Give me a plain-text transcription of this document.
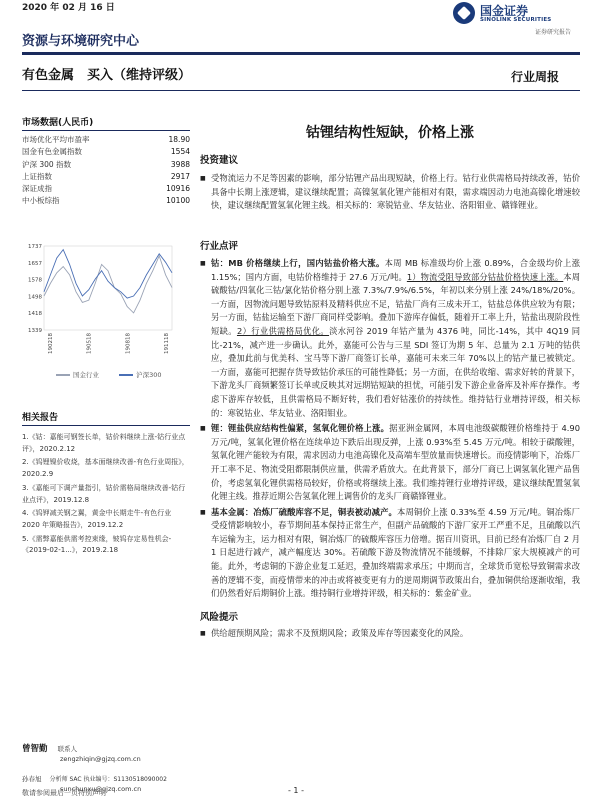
2020 年 02 月 16 日
资源与环境研究中心
国金证券
SINOLINK SECURITIES
证券研究报告
有色金属　买入（维持评级）	行业周报
市场数据(人民币)
市场优化平均市盈率	18.90
国金有色金属指数	1554
沪深 300 指数	3988
上证指数	2917
深证成指	10916
中小板综指	10100
1737
1657
1578
1498
1418
1339
190218	190518	190818	191118
国金行业	沪深300
相关报告

1.《钴：嘉能可钢签长单，钴价料继续上涨-钴行业点评》，2020.2.12

2.《钨锂镍价收烧，基本面继续改善-有色行业周报》，2020.2.9

3.《嘉能可下调产量指引，钴价需格局继续改善-钴行业点评》，2019.12.8

4.《钨钾减关钢之翼，黄金中长期走牛-有色行业 2020 年策略报告》，2019.12.2

5.《需弊嘉能供需考控束缘，铍钨存定易性机会-《2019-02-1...》，2019.2.18

曾智勤 联系人
zengzhiqin@gjzq.com.cn
孙春旭 分析师 SAC 执业编号：S1130518090002
sunchunxu@gjzq.com.cn
钴锂结构性短缺，价格上涨
投资建议
■ 受物流运力不足等因素的影响，部分钴锂产品出现短缺，价格上行。钴行业供需格局持续改善，钴价具备中长期上涨逻辑，建议继续配置；高镍氢氧化锂产能相对有限，需求端因动力电池高镍化增速较快，建议继续配置氢氧化锂主线。相关标的：寒锐钴业、华友钴业、洛阳钼业、赣锋锂业。
行业点评
■ 钴：MB 价格继续上行，国内钴盐价格大涨。本周 MB 标准级均价上涨 0.89%，合金级均价上涨 1.15%；国内方面，电钴价格维持于 27.6 万元/吨。1）物流受阻导致部分钴盐价格快速上涨。本周硫酸钴/四氧化三钴/氯化钴价格分别上涨 7.3%/7.9%/6.5%，年初以来分别上涨 24%/18%/20%。一方面，因物流问题导致钴原料及精料供应不足，钴盐厂尚有三成未开工，钴盐总体供应较为有限；另一方面，钴盐运输至下游厂商同样受影响。叠加下游库存偏低，随着开工率上升，钴盐出现阶段性短缺。2）行业供需格局优化。淡水河谷 2019 年钴产量为 4376 吨，同比-14%，其中 4Q19 同比-21%，减产进一步确认。此外，嘉能可公告与三星 SDI 签订为期 5 年、总量为 2.1 万吨的钴供应，叠加此前与优美科、宝马等下游厂商签订长单，嘉能可未来三年 70%以上的钴产量已被锁定。一方面，嘉能可把握存货导致钴价承压的可能性降低；另一方面，在供给收缩、需求好转的背景下，下游龙头厂商频繁签订长单或反映其对远期钴短缺的担忧，可能引发下游企业备库及补库存操作。考虑下游库存较低，且供需格局不断好转，我们看好钴涨价的持续性。维持钴行业增持评级，相关标的：寒锐钴业、华友钴业、洛阳钼业。
■ 锂：锂盐供应结构性偏紧，氢氧化锂价格上涨。据亚洲金属网，本周电池级碳酸锂价格维持于 4.90 万元/吨，氢氧化锂价格在连续单边下跌后出现反弹，上涨 0.93%至 5.45 万元/吨。相较于碳酸锂，氢氧化锂产能较为有限，需求因动力电池高镍化及高端车型放量而快速增长。而疫情影响下，冶炼厂开工率不足、物流受阻都限制供应量，供需矛盾放大。在此背景下，部分厂商已上调氢氧化锂产品售价，考虑氢氧化锂供需格局较好，价格或将继续上涨。我们维持锂行业增持评级，建议继续配置氢氧化锂主线。推荐近期公告氢氧化锂上调售价的龙头厂商赣锋锂业。
■ 基本金属：冶炼厂硫酸库容不足，铜表被动减产。本周铜价上涨 0.33%至 4.59 万元/吨。铜冶炼厂受疫情影响较小，春节期间基本保持正常生产，但副产品硫酸的下游厂家开工严重不足，且硫酸以汽车运输为主，运力相对有限，铜冶炼厂的硫酸库容压力倍增。据百川资讯，目前已经有冶炼厂自 2 月 1 日起进行减产，减产幅度达 30%。若硫酸下游及物流情况不能缓解，不排除厂家大规模减产的可能。此外，考虑铜的下游企业复工延迟，叠加终端需求承压；中期而言，全球货币宽松导致铜需求改善的逻辑不变，而疫情带来的冲击或将被变更有力的逆周期调节政策出台，叠加铜供给逐渐收缩，我们仍然看好后期铜价上涨。维持铜行业增持评级，相关标的：紫金矿业。
风险提示
■ 供给超预期风险；需求不及预期风险；政策及库存等因素变化的风险。
敬请参阅最后一页特别声明	- 1 -
